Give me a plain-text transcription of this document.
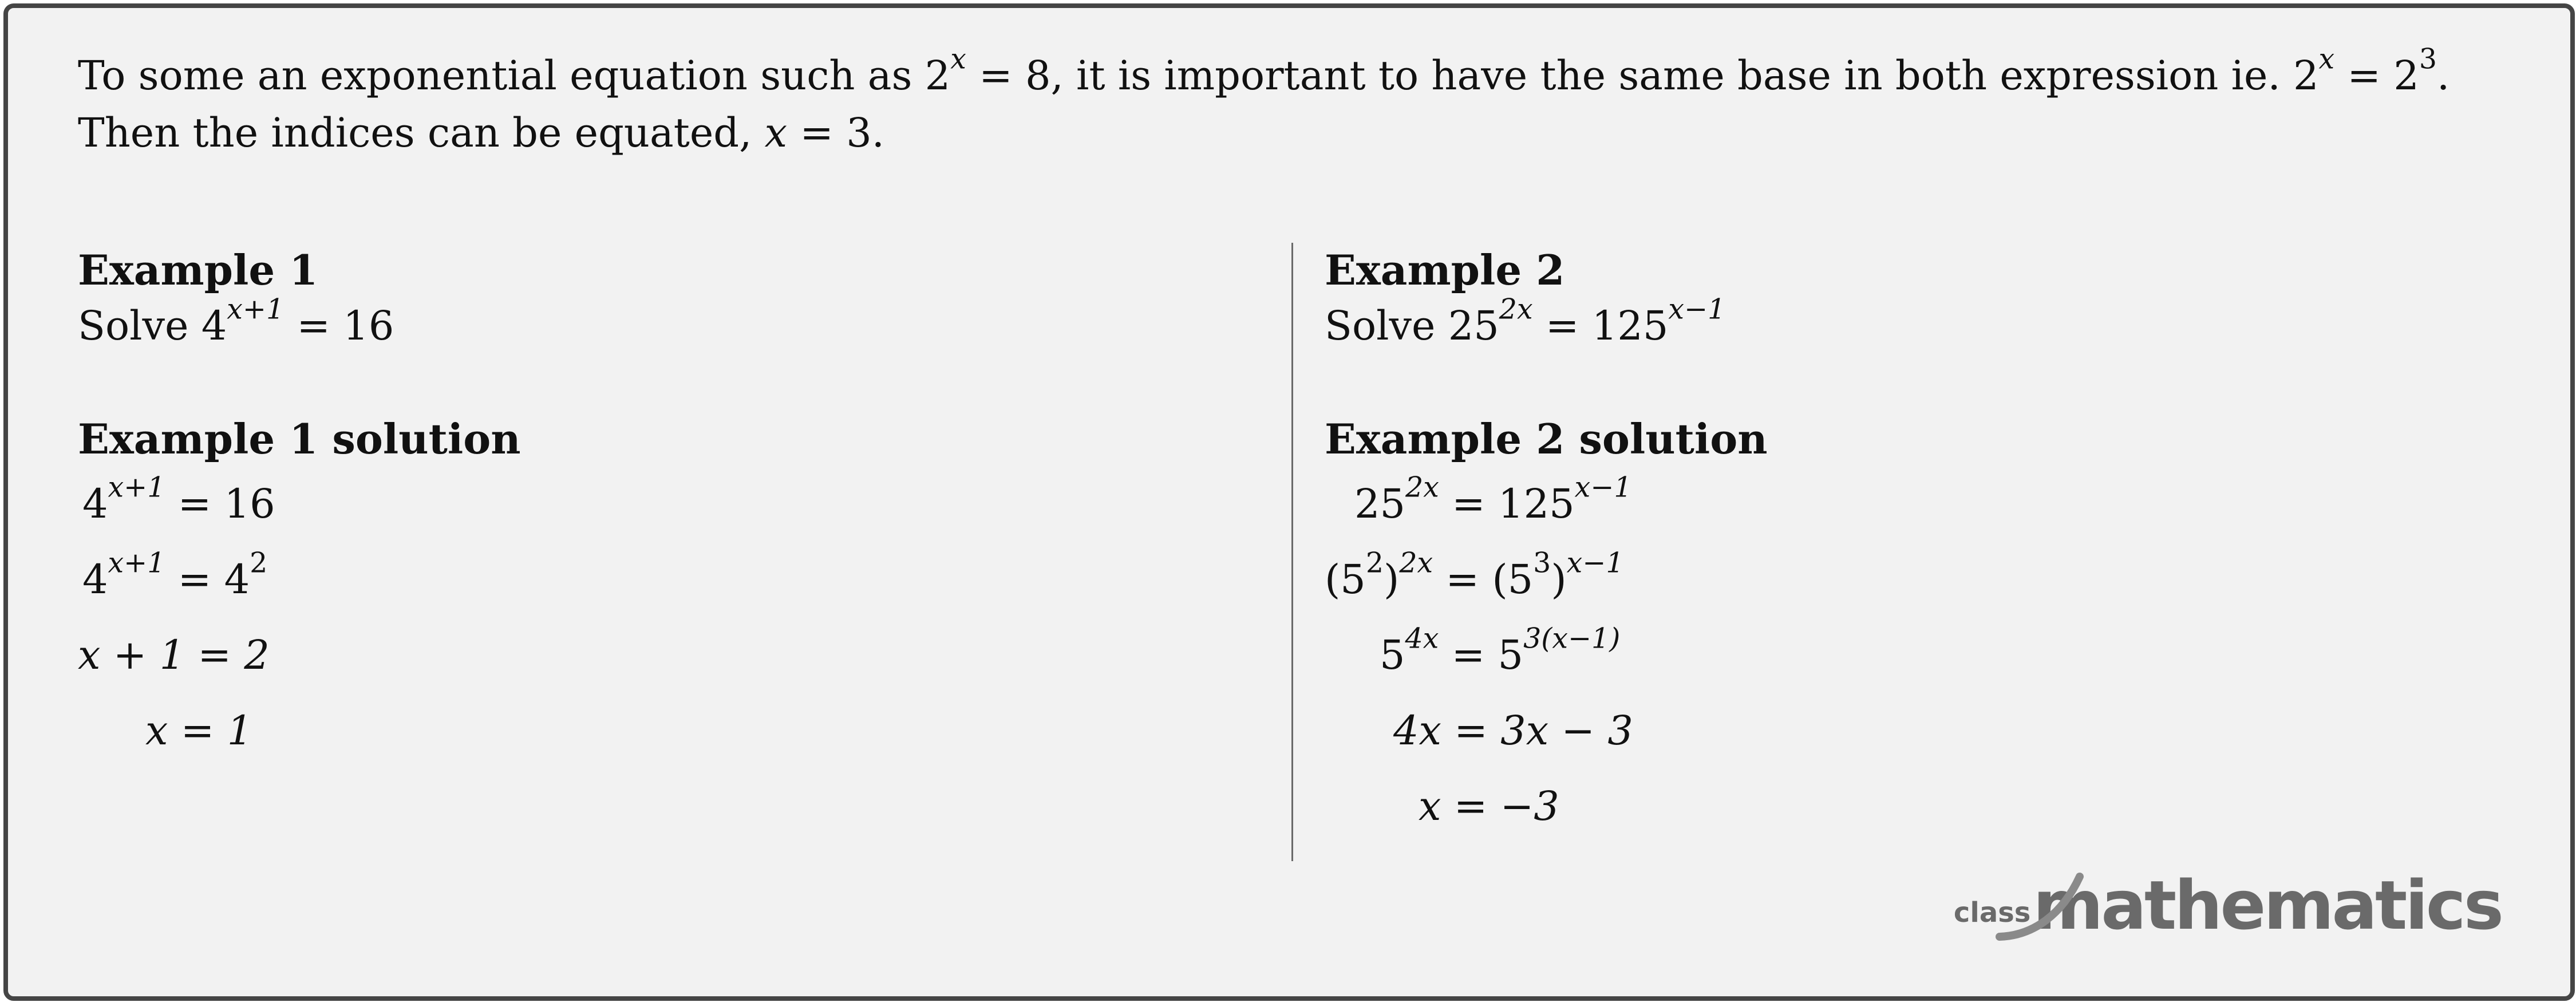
To some an exponential equation such as $2^x = 8$, it is important to have the same base in both expression ie. $2^x = 2^3$.

Then the indices can be equated, x = 3.

Example 1

Solve $4^{x+1} = 16$

Example 1 solution

$4^{x+1} = 16$

$4^{x+1} = 4^2$

x + 1 = 2

x = 1

Example 2

Solve $25^{2x} = 125^{x-1}$

Example 2 solution

$25^{2x} = 125^{x-1}$

$(5^2)^{2x} = (5^3)^{x-1}$

$5^{4x} = 5^{3(x-1)}$

4x = 3x − 3

x = −3

class mathematics
